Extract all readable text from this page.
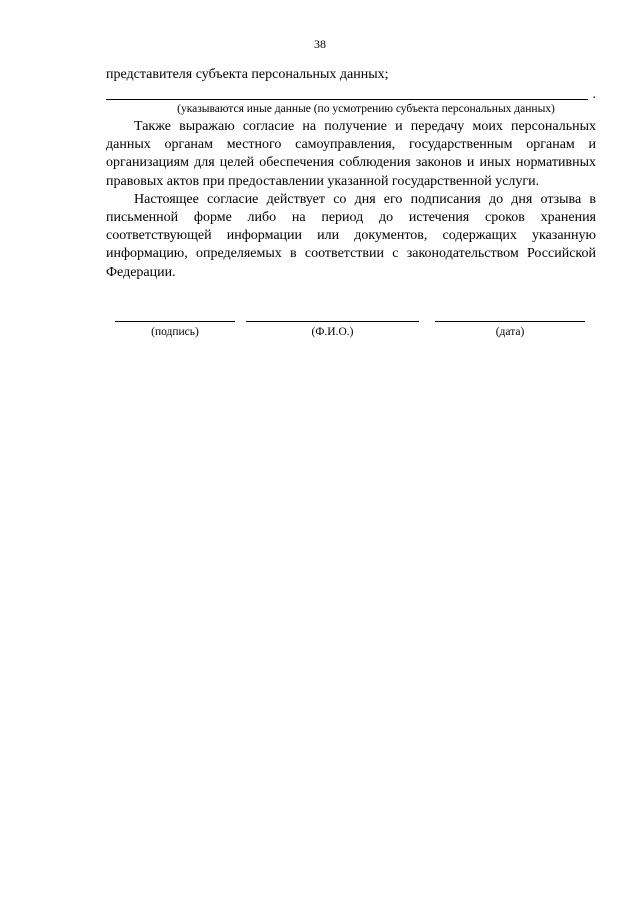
38

представителя субъекта персональных данных;

.

(указываются иные данные (по усмотрению субъекта персональных данных)

Также выражаю согласие на получение и передачу моих персональных данных органам местного самоуправления, государственным органам и организациям для целей обеспечения соблюдения законов и иных нормативных правовых актов при предоставлении указанной государственной услуги.

Настоящее согласие действует со дня его подписания до дня отзыва в письменной форме либо на период до истечения сроков хранения соответствующей информации или документов, содержащих указанную информацию, определяемых в соответствии с законодательством Российской Федерации.

(подпись)	(Ф.И.О.)	(дата)
